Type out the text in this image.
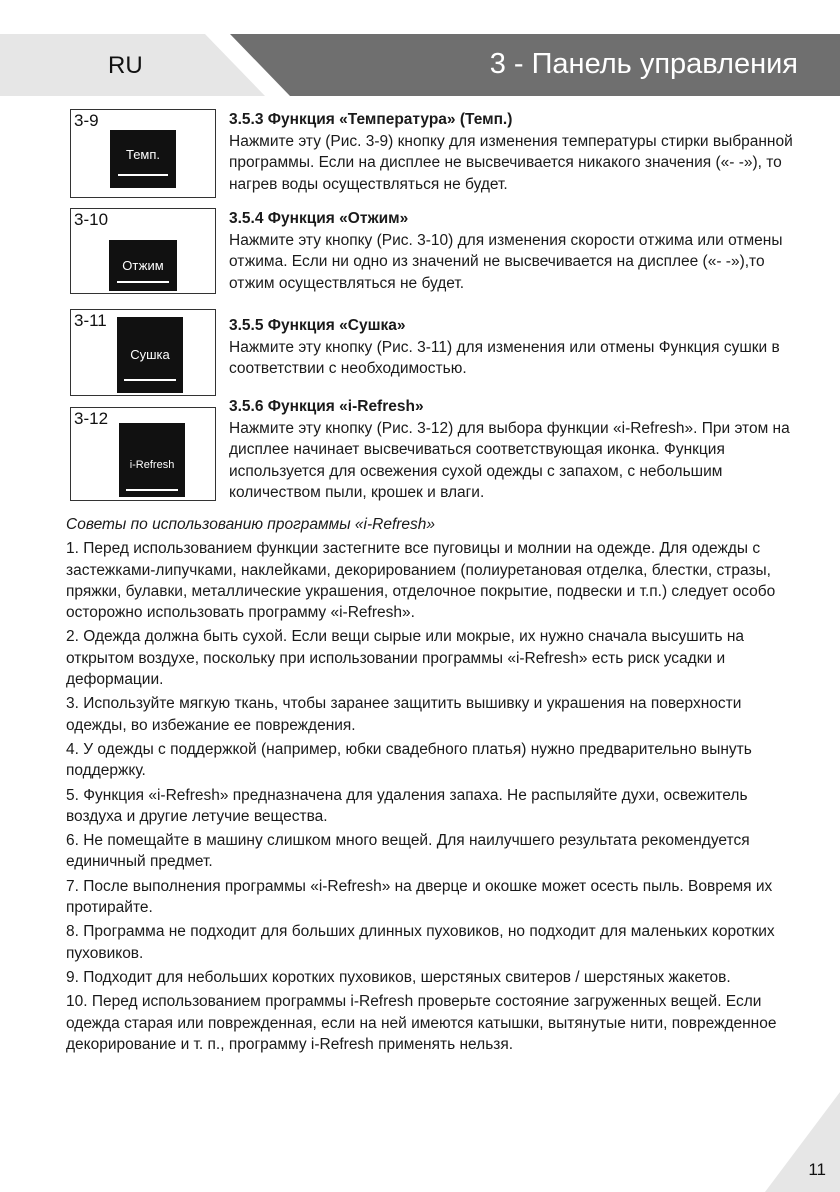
RU	3 - Панель управления
3-9
Темп.
3-10
Отжим
3-11
Сушка
3-12
i-Refresh
3.5.3 Функция «Температура» (Темп.)

Нажмите эту (Рис. 3-9) кнопку для изменения температуры стирки выбранной программы. Если на дисплее не высвечивается никакого значения («- -»), то нагрев воды осуществляться не будет.

3.5.4 Функция «Отжим»

Нажмите эту кнопку (Рис. 3-10) для изменения скорости отжима или отмены отжима. Если ни одно из значений не высвечивается на дисплее («- -»),то отжим осуществляться не будет.

3.5.5 Функция «Сушка»

Нажмите эту кнопку (Рис. 3-11) для изменения или отмены Функция сушки в соответствии с необходимостью.

3.5.6 Функция «i-Refresh»

Нажмите эту кнопку (Рис. 3-12) для выбора функции «i-Refresh». При этом на дисплее начинает высвечиваться соответствующая иконка. Функция используется для освежения сухой одежды с запахом, с небольшим количеством пыли, крошек и влаги.

Советы по использованию программы «i-Refresh»

1. Перед использованием функции застегните все пуговицы и молнии на одежде. Для одежды с застежками-липучками, наклейками, декорированием (полиуретановая отделка, блестки, стразы, пряжки, булавки, металлические украшения, отделочное покрытие, подвески и т.п.) следует особо осторожно использовать программу «i-Refresh».

2. Одежда должна быть сухой. Если вещи сырые или мокрые, их нужно сначала высушить на открытом воздухе, поскольку при использовании программы «i-Refresh» есть риск усадки и деформации.

3. Используйте мягкую ткань, чтобы заранее защитить вышивку и украшения на поверхности одежды, во избежание ее повреждения.

4. У одежды с поддержкой (например, юбки свадебного платья) нужно предварительно вынуть поддержку.

5. Функция «i-Refresh» предназначена для удаления запаха. Не распыляйте духи, освежитель воздуха и другие летучие вещества.

6. Не помещайте в машину слишком много вещей. Для наилучшего результата рекомендуется единичный предмет.

7. После выполнения программы «i-Refresh» на дверце и окошке может осесть пыль. Вовремя их протирайте.

8. Программа не подходит для больших длинных пуховиков, но подходит для маленьких коротких пуховиков.

9. Подходит для небольших коротких пуховиков, шерстяных свитеров / шерстяных жакетов.

10. Перед использованием программы i-Refresh проверьте состояние загруженных вещей. Если одежда старая или поврежденная, если на ней имеются катышки, вытянутые нити, поврежденное декорирование и т. п., программу i-Refresh применять нельзя.

11
